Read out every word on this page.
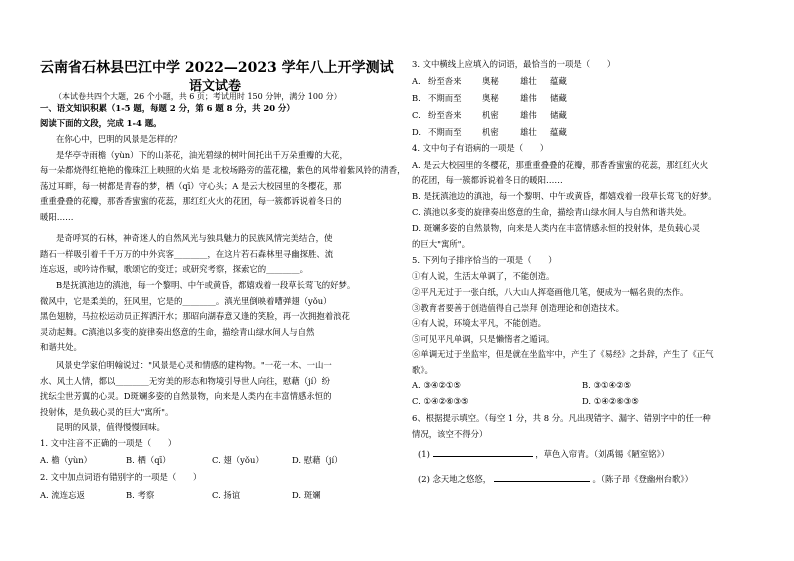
云南省石林县巴江中学 2022—2023 学年八上开学测试
语文试卷
（本试卷共四个大题，26 个小题，共 6 页；考试用时 150 分钟，满分 100 分）
一、语文知识积累（1-5 题，每题 2 分，第 6 题 8 分，共 20 分）
阅读下面的文段，完成 1-4 题。
在你心中，巴明的风景是怎样的？
是华亭寺雨檐（yùn）下的山茶花，油光碧绿的树叶间托出千万朵重瓣的大花，
每一朵都烧得红艳艳的像珠江上映照的火焰 是 北校场路旁的蓝花楹，紫色的风带着紫风铃的清香，
荡过耳畔，每一树都是青春的梦，栖（qī）守心头；A 是云大校园里的冬樱花，那
重重叠叠的花瓣，那香香蜜蜜的花蕊，那红红火火的花团，每一簇都诉说着冬日的
暖阳……
是奇呼冥的石林，神奇迷人的自然风光与独具魅力的民族风情完美结合，使
踏石一样吸引着千千万万的中外宾客________，在这片若石森林里寻幽探胜、流
连忘返，或吟诗作赋，歌颂它的变迁；或研究考察，探索它的________。
B是抚滇池边的滇池，每一个黎明、中午或黄昏，都嬉戏着一段草长莺飞的好梦。
微风中，它是柔美的，狂风里，它是的________。滇光里倒映着嘈弹翅（yǒu）
黑色翅膀，马拉松运动员正挥洒汗水；那昭向湖春意又逢的笑脸，再一次拥抱着浪花
灵动起舞。C滇池以多变的旋律奏出悠意的生命，描绘青山绿水间人与自然
和谐共处。
风景史学家伯明翰说过："风景是心灵和情感的建构物。"一花一木、一山一
水、风土人情，都以________无穷美的形态和物境引导世人向往，慰藉（jí）纷
扰纭尘世芳翼的心灵。D斑斓多姿的自然景物，向来是人类内在丰富情感永恒的
投射体，是负载心灵的巨大"寓所"。
昆明的风景，值得慢慢回味。
1. 文中注音不正确的一项是（　　）
A. 檐（yùn）	B. 栖（qī）	C. 翅（yǒu）	D. 慰藉（jí）
2. 文中加点词语有错别字的一项是（　　）
A. 流连忘返	B. 考察	C. 扬谊	D. 斑斓
3. 文中横线上应填入的词语，最恰当的一项是（　　）
A. 纷至沓来 奥秘	雄壮 蕴藏
B. 不期而至 奥秘	雄伟 储藏
C. 纷至沓来 机密	雄伟 储藏
D. 不期而至 机密	雄壮 蕴藏
4. 文中句子有语病的一项是（　　）
A. 是云大校园里的冬樱花，那重重叠叠的花瓣，那香香蜜蜜的花蕊，那红红火火
的花团，每一簇都诉说着冬日的暖阳……
B. 是抚滇池边的滇池，每一个黎明、中午或黄昏，都嬉戏着一段草长莺飞的好梦。
C. 滇池以多变的旋律奏出悠意的生命，描绘青山绿水间人与自然和谐共处。
D. 斑斓多姿的自然景物，向来是人类内在丰富情感永恒的投射体，是负载心灵
的巨大"寓所"。
5. 下列句子排序恰当的一项是（　　）
①有人说，生活太单调了，不能创造。
②平凡无过于一张白纸，八大山人挥毫画他几笔，便成为一幅名贵的杰作。
③教育者要善于创造值得自己崇拜 创造理论和创造技术。
④有人说，环境太平凡，不能创造。
⑤可见平凡单调，只是懒惰者之遁词。
⑥单调无过于坐监牢，但是就在坐监牢中，产生了《易经》之卦辞，产生了《正气
歌》。
A. ③④②①⑤	B. ③①④②⑤
C. ①④②⑥③⑤	D. ①④②⑥③⑤
6、根据提示填空。（每空 1 分，共 8 分。凡出现错字、漏字、错别字中的任一种
情况，该空不得分）
(1)	，草色入帘青。（刘禹锡《陋室铭》）
(2) 念天地之悠悠，	。（陈子昂《登幽州台歌》）
